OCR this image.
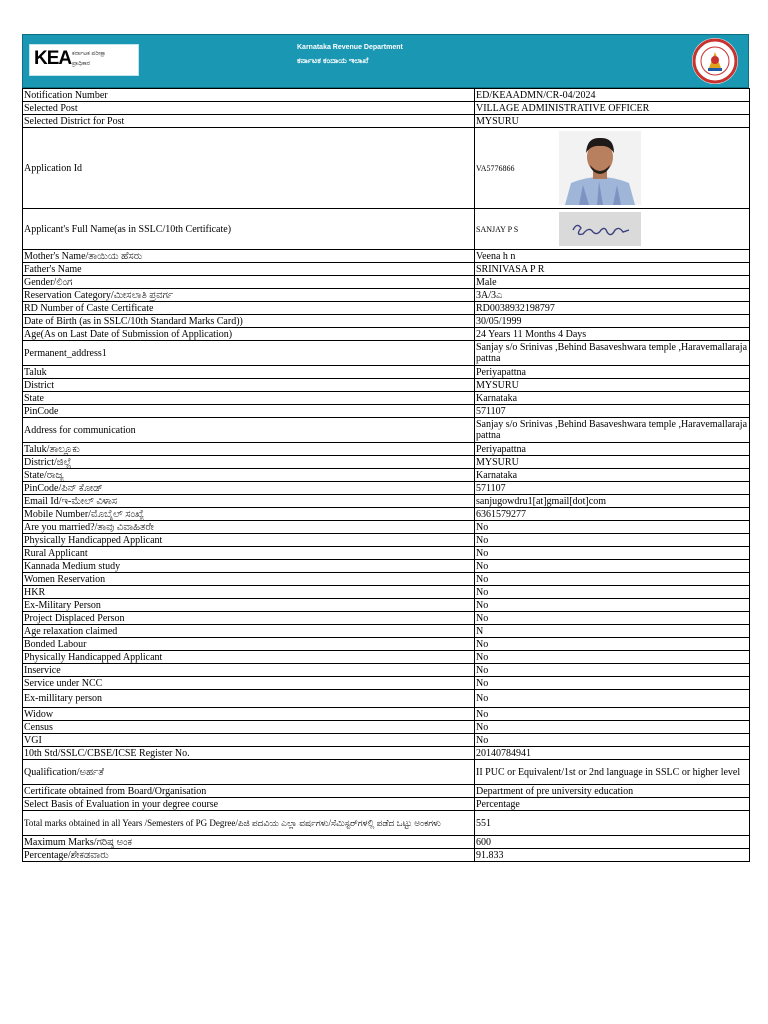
KEA ಕರ್ನಾಟಕ ಪರೀಕ್ಷಾ
ಪ್ರಾಧಿಕಾರ
Karnataka Revenue Department
ಕರ್ನಾಟಕ ಕಂದಾಯ ಇಲಾಖೆ
Notification Number	ED/KEAADMN/CR-04/2024
Selected Post	VILLAGE ADMINISTRATIVE OFFICER
Selected District for Post	MYSURU
Application Id	VA5776866

Applicant's Full Name(as in SSLC/10th Certificate)	SANJAY P S

Mother's Name/ತಾಯಿಯ ಹೆಸರು	Veena h n
Father's Name	SRINIVASA P R
Gender/ಲಿಂಗ	Male
Reservation Category/ಮೀಸಲಾತಿ ಪ್ರವರ್ಗ	3A/3ಎ
RD Number of Caste Certificate	RD0038932198797
Date of Birth (as in SSLC/10th Standard Marks Card))	30/05/1999
Age(As on Last Date of Submission of Application)	24 Years 11 Months 4 Days
Permanent_address1	Sanjay s/o Srinivas ,Behind Basaveshwara temple ,Haravemallaraja pattna
Taluk	Periyapattna
District	MYSURU
State	Karnataka
PinCode	571107
Address for communication	Sanjay s/o Srinivas ,Behind Basaveshwara temple ,Haravemallaraja pattna
Taluk/ತಾಲ್ಲೂಕು	Periyapattna
District/ಜಿಲ್ಲೆ	MYSURU
State/ರಾಜ್ಯ	Karnataka
PinCode/ಪಿನ್ ಕೋಡ್	571107
Email Id/ಇ-ಮೇಲ್ ವಿಳಾಸ	sanjugowdru1[at]gmail[dot]com
Mobile Number/ಮೊಬೈಲ್ ಸಂಖ್ಯೆ	6361579277
Are you married?/ತಾವು ವಿವಾಹಿತರೇ	No
Physically Handicapped Applicant	No
Rural Applicant	No
Kannada Medium study	No
Women Reservation	No
HKR	No
Ex-Military Person	No
Project Displaced Person	No
Age relaxation claimed	N
Bonded Labour	No
Physically Handicapped Applicant	No
Inservice	No
Service under NCC	No
Ex-millitary person	No
Widow	No
Census	No
VGI	No
10th Std/SSLC/CBSE/ICSE Register No.	20140784941
Qualification/ಅರ್ಹತೆ	II PUC or Equivalent/1st or 2nd language in SSLC or higher level
Certificate obtained from Board/Organisation	Department of pre university education
Select Basis of Evaluation in your degree course	Percentage
Total marks obtained in all Years /Semesters of PG Degree/ಪಿಜಿ ಪದವಿಯ ಎಲ್ಲಾ ವರ್ಷಗಳು/ಸೆಮಿಸ್ಟರ್‌ಗಳಲ್ಲಿ ಪಡೆದ ಒಟ್ಟು ಅಂಕಗಳು	551
Maximum Marks/ಗರಿಷ್ಠ ಅಂಕ	600
Percentage/ಶೇಕಡವಾರು	91.833
